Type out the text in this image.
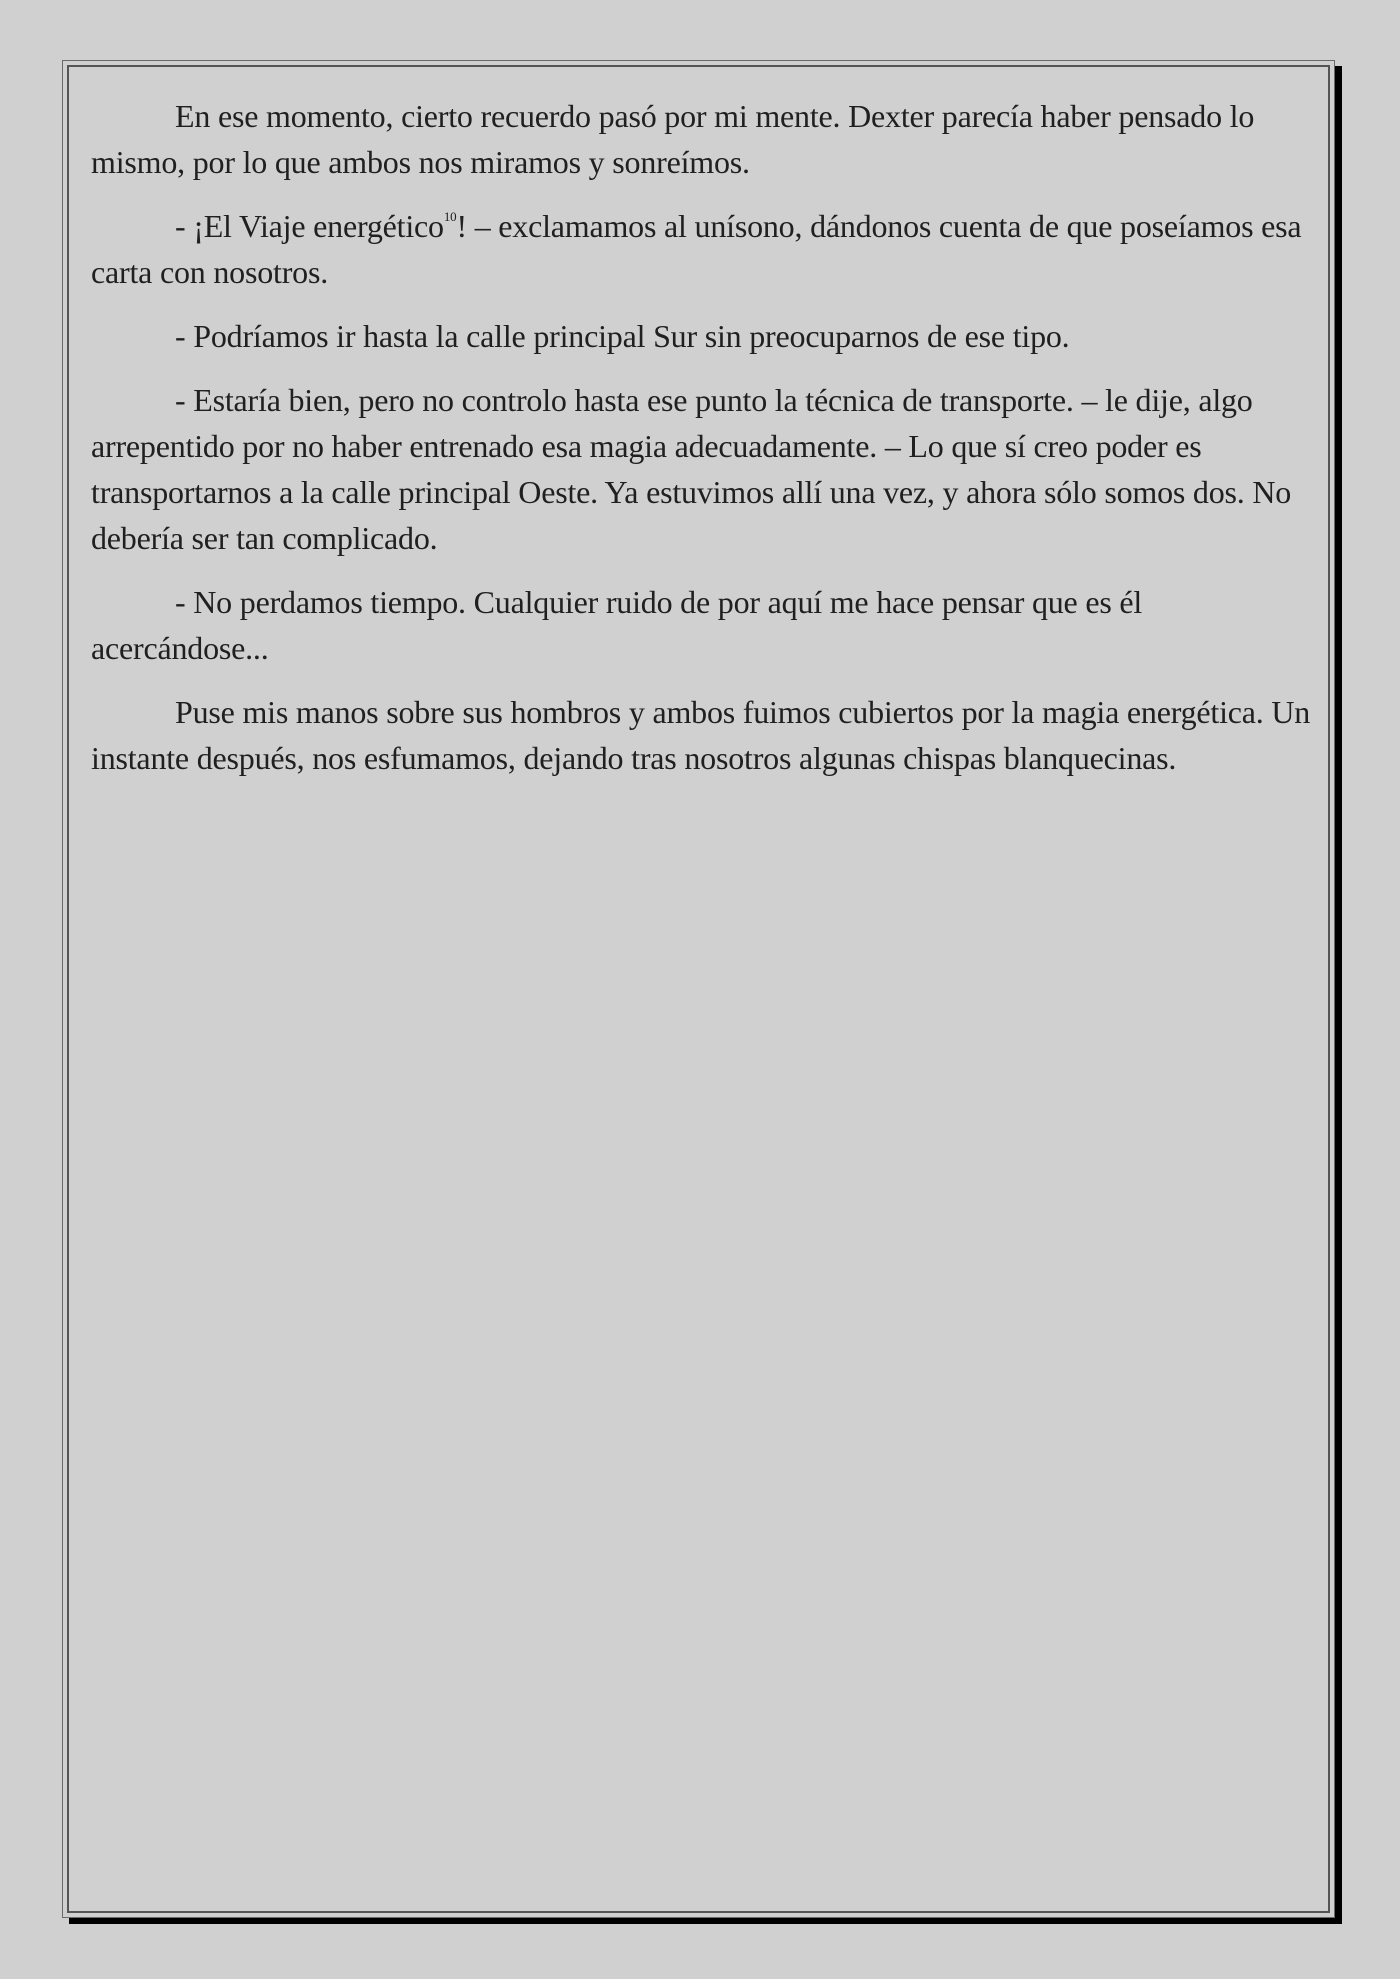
En ese momento, cierto recuerdo pasó por mi mente. Dexter parecía haber pensado lo mismo, por lo que ambos nos miramos y sonreímos.

- ¡El Viaje energético$^{10}$! – exclamamos al unísono, dándonos cuenta de que poseíamos esa carta con nosotros.

- Podríamos ir hasta la calle principal Sur sin preocuparnos de ese tipo.

- Estaría bien, pero no controlo hasta ese punto la técnica de transporte. – le dije, algo arrepentido por no haber entrenado esa magia adecuadamente. – Lo que sí creo poder es transportarnos a la calle principal Oeste. Ya estuvimos allí una vez, y ahora sólo somos dos. No debería ser tan complicado.

- No perdamos tiempo. Cualquier ruido de por aquí me hace pensar que es él acercándose...

Puse mis manos sobre sus hombros y ambos fuimos cubiertos por la magia energética. Un instante después, nos esfumamos, dejando tras nosotros algunas chispas blanquecinas.
